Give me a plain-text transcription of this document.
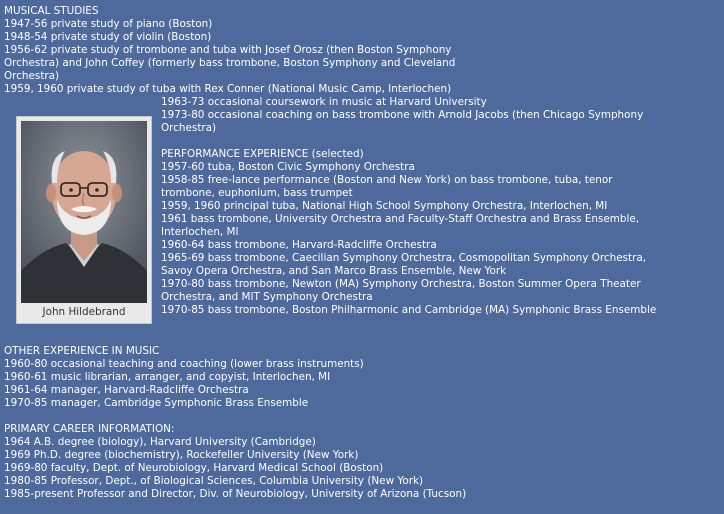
MUSICAL STUDIES
1947-56 private study of piano (Boston)
1948-54 private study of violin (Boston)
1956-62 private study of trombone and tuba with Josef Orosz (then Boston Symphony Orchestra) and John Coffey (formerly bass trombone, Boston Symphony and Cleveland Orchestra)
1959, 1960 private study of tuba with Rex Conner (National Music Camp, Interlochen)
John Hildebrand
1963-73 occasional coursework in music at Harvard University
1973-80 occasional coaching on bass trombone with Arnold Jacobs (then Chicago Symphony Orchestra)
PERFORMANCE EXPERIENCE (selected)
1957-60 tuba, Boston Civic Symphony Orchestra
1958-85 free-lance performance (Boston and New York) on bass trombone, tuba, tenor trombone, euphonium, bass trumpet
1959, 1960 principal tuba, National High School Symphony Orchestra, Interlochen, MI
1961 bass trombone, University Orchestra and Faculty-Staff Orchestra and Brass Ensemble, Interlochen, MI
1960-64 bass trombone, Harvard-Radcliffe Orchestra
1965-69 bass trombone, Caecilian Symphony Orchestra, Cosmopolitan Symphony Orchestra, Savoy Opera Orchestra, and San Marco Brass Ensemble, New York
1970-80 bass trombone, Newton (MA) Symphony Orchestra, Boston Summer Opera Theater Orchestra, and MIT Symphony Orchestra
1970-85 bass trombone, Boston Philharmonic and Cambridge (MA) Symphonic Brass Ensemble
OTHER EXPERIENCE IN MUSIC
1960-80 occasional teaching and coaching (lower brass instruments)
1960-61 music librarian, arranger, and copyist, Interlochen, MI
1961-64 manager, Harvard-Radcliffe Orchestra
1970-85 manager, Cambridge Symphonic Brass Ensemble
PRIMARY CAREER INFORMATION:
1964 A.B. degree (biology), Harvard University (Cambridge)
1969 Ph.D. degree (biochemistry), Rockefeller University (New York)
1969-80 faculty, Dept. of Neurobiology, Harvard Medical School (Boston)
1980-85 Professor, Dept., of Biological Sciences, Columbia University (New York)
1985-present Professor and Director, Div. of Neurobiology, University of Arizona (Tucson)
